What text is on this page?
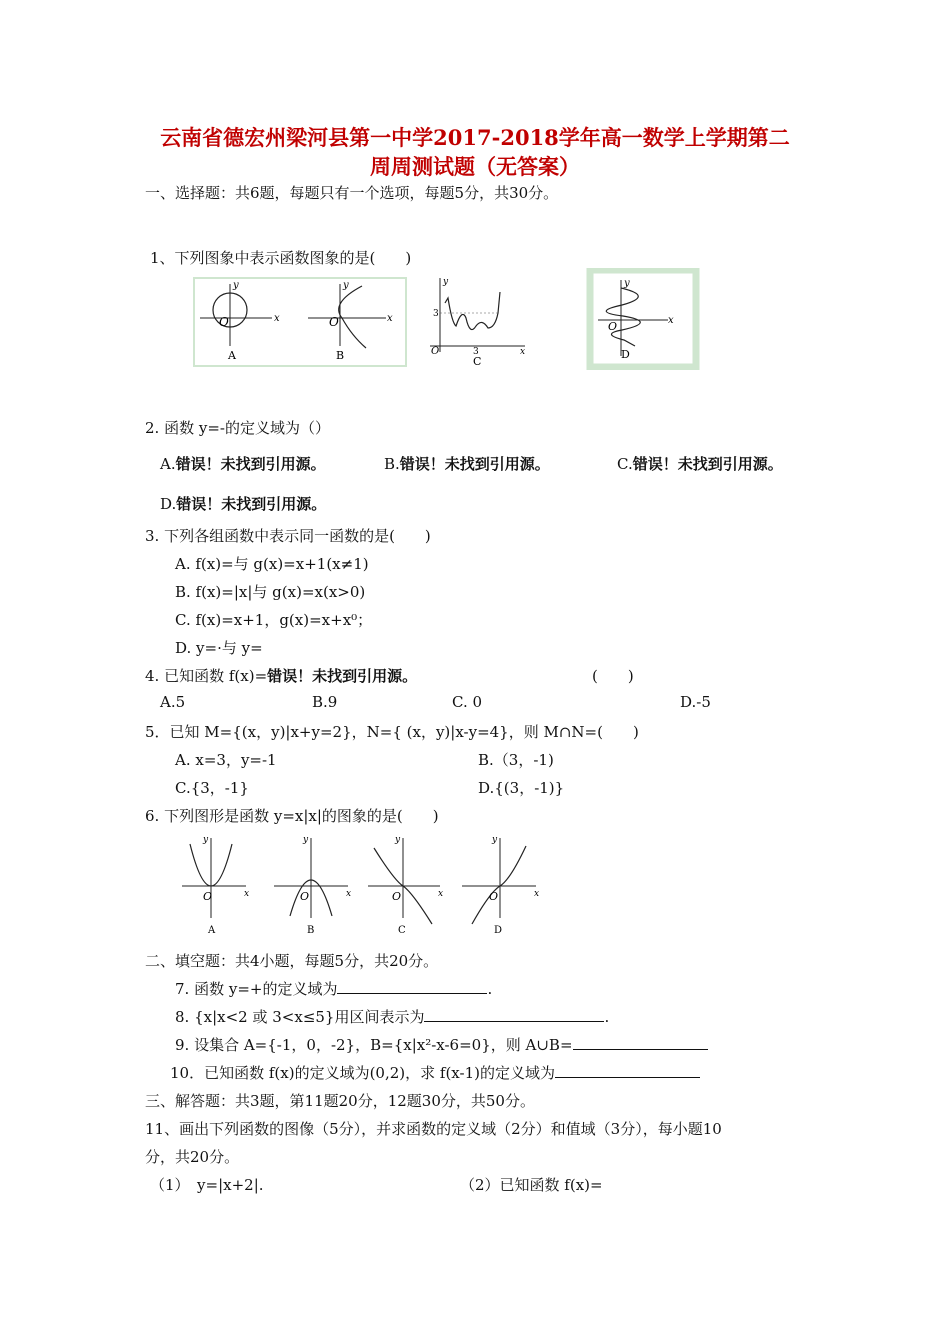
云南省德宏州梁河县第一中学2017-2018学年高一数学上学期第二
周周测试题（无答案）
一、选择题：共6题，每题只有一个选项，每题5分，共30分。
1、下列图象中表示函数图象的是(　　)
y
x
O
A
y
x
O
B
y
x
3
3
O
C
y
x
O
D
2. 函数 y=-的定义域为（）
A.错误！未找到引用源。	B.错误！未找到引用源。	C.错误！未找到引用源。
D.错误！未找到引用源。
3. 下列各组函数中表示同一函数的是(　　)
A. f(x)=与 g(x)=x+1(x≠1)
B. f(x)=|x|与 g(x)=x(x>0)
C. f(x)=x+1，g(x)=x+x⁰；
D. y=·与 y=
4. 已知函数 f(x)=错误！未找到引用源。	(　　)
A.5	B.9	C. 0	D.-5
5．已知 M={(x，y)|x+y=2}，N={ (x，y)|x-y=4}，则 M∩N=(　　)
A. x=3，y=-1	B.（3，-1)
C.{3，-1}	D.{(3，-1)}
6. 下列图形是函数 y=x|x|的图象的是(　　)
O	x
y
A
O	x
y
B
O	x
y
C
O	x
y
D
二、填空题：共4小题，每题5分，共20分。
7. 函数 y=+的定义域为	.
8. {x|x<2 或 3<x≤5}用区间表示为	.
9. 设集合 A={-1，0，-2}，B={x|x²-x-6=0}，则 A∪B=
10．已知函数 f(x)的定义域为(0,2)，求 f(x-1)的定义域为
三、解答题：共3题，第11题20分，12题30分，共50分。
11、画出下列函数的图像（5分），并求函数的定义域（2分）和值域（3分），每小题10
分，共20分。
（1）　y=|x+2|.	（2）已知函数 f(x)=
